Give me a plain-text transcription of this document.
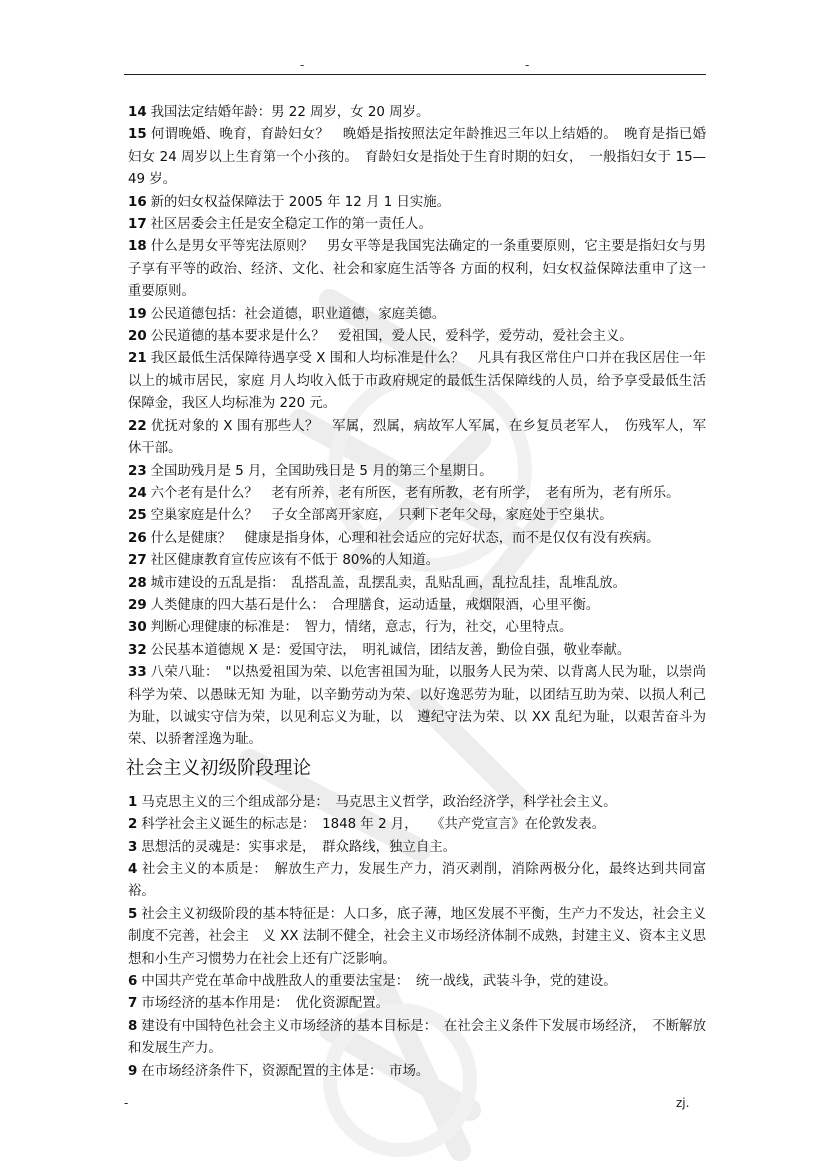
-	-

14 我国法定结婚年龄：男 22 周岁，女 20 周岁。

15 何谓晚婚、晚育，育龄妇女？　晚婚是指按照法定年龄推迟三年以上结婚的。　晚育是指已婚妇女 24 周岁以上生育第一个小孩的。　育龄妇女是指处于生育时期的妇女，　一般指妇女于 15—49 岁。

16 新的妇女权益保障法于 2005 年 12 月 1 日实施。

17 社区居委会主任是安全稳定工作的第一责任人。

18 什么是男女平等宪法原则？　男女平等是我国宪法确定的一条重要原则，它主要是指妇女与男子享有平等的政治、经济、文化、社会和家庭生活等各 方面的权利，妇女权益保障法重申了这一重要原则。

19 公民道德包括：社会道德，职业道德，家庭美德。

20 公民道德的基本要求是什么？　爱祖国，爱人民，爱科学，爱劳动，爱社会主义。

21 我区最低生活保障待遇享受 X 围和人均标准是什么？　凡具有我区常住户口并在我区居住一年以上的城市居民，家庭 月人均收入低于市政府规定的最低生活保障线的人员，给予享受最低生活保障金，我区人均标准为 220 元。

22 优抚对象的 X 围有那些人？　军属，烈属，病故军人军属，在乡复员老军人，　伤残军人，军休干部。

23 全国助残月是 5 月，全国助残日是 5 月的第三个星期日。

24 六个老有是什么？　老有所养，老有所医，老有所教，老有所学，　老有所为，老有所乐。

25 空巢家庭是什么？　子女全部离开家庭，　只剩下老年父母，家庭处于空巢状。

26 什么是健康？　健康是指身体，心理和社会适应的完好状态，而不是仅仅有没有疾病。

27 社区健康教育宣传应该有不低于 80%的人知道。

28 城市建设的五乱是指：　乱搭乱盖，乱摆乱卖，乱贴乱画，乱拉乱挂，乱堆乱放。

29 人类健康的四大基石是什么：　合理膳食，运动适量，戒烟限酒，心里平衡。

30 判断心理健康的标准是：　智力，情绪，意志，行为，社交，心里特点。

32 公民基本道德规 X 是：爱国守法，　明礼诚信，团结友善，勤俭自强，敬业奉献。

33 八荣八耻：　"以热爱祖国为荣、以危害祖国为耻，以服务人民为荣、以背离人民为耻，以崇尚科学为荣、以愚昧无知 为耻，以辛勤劳动为荣、以好逸恶劳为耻，以团结互助为荣、以损人利己为耻，以诚实守信为荣，以见利忘义为耻，以　遵纪守法为荣、以 XX 乱纪为耻，以艰苦奋斗为荣、以骄奢淫逸为耻。

社会主义初级阶段理论

1 马克思主义的三个组成部分是：　马克思主义哲学，政治经济学，科学社会主义。

2 科学社会主义诞生的标志是：　1848 年 2 月，　　《共产党宣言》在伦敦发表。

3 思想活的灵魂是：实事求是，　群众路线，独立自主。

4 社会主义的本质是：　解放生产力，发展生产力，消灭剥削，消除两极分化，最终达到共同富裕。

5 社会主义初级阶段的基本特征是：人口多，底子薄，地区发展不平衡，生产力不发达，社会主义制度不完善，社会主　义 XX 法制不健全，社会主义市场经济体制不成熟，封建主义、资本主义思想和小生产习惯势力在社会上还有广泛影响。

6 中国共产党在革命中战胜敌人的重要法宝是：　统一战线，武装斗争，党的建设。

7 市场经济的基本作用是：　优化资源配置。

8 建设有中国特色社会主义市场经济的基本目标是：　在社会主义条件下发展市场经济，　不断解放和发展生产力。

9 在市场经济条件下，资源配置的主体是：　市场。

-	zj.
